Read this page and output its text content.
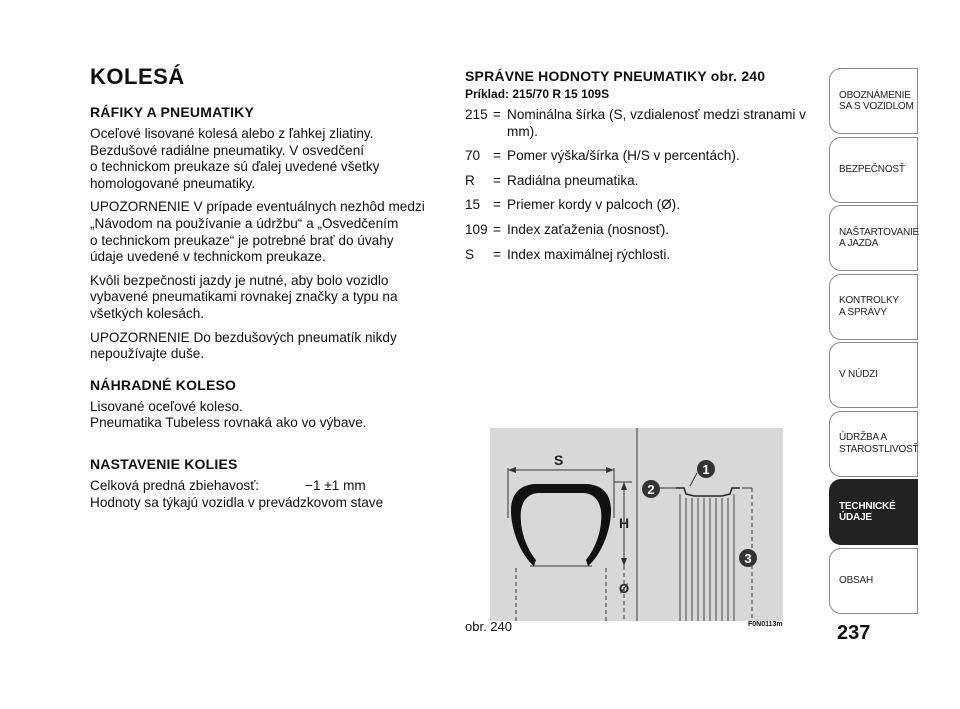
KOLESÁ
RÁFIKY A PNEUMATIKY

Oceľové lisované kolesá alebo z ľahkej zliatiny.
Bezdušové radiálne pneumatiky. V osvedčení
o technickom preukaze sú ďalej uvedené všetky
homologované pneumatiky.

UPOZORNENIE V prípade eventuálnych nezhôd medzi
„Návodom na používanie a údržbu“ a „Osvedčením
o technickom preukaze“ je potrebné brať do úvahy
údaje uvedené v technickom preukaze.

Kvôli bezpečnosti jazdy je nutné, aby bolo vozidlo
vybavené pneumatikami rovnakej značky a typu na
všetkých kolesách.

UPOZORNENIE Do bezdušových pneumatík nikdy
nepoužívajte duše.

NÁHRADNÉ KOLESO

Lisované oceľové koleso.
Pneumatika Tubeless rovnaká ako vo výbave.

NASTAVENIE KOLIES

Celková predná zbiehavosť:	−1 ±1 mm
Hodnoty sa týkajú vozidla v prevádzkovom stave

SPRÁVNE HODNOTY PNEUMATIKY obr. 240
Príklad: 215/70 R 15 109S
215 = Nominálna šírka (S, vzdialenosť medzi stranami v mm).
70 = Pomer výška/šírka (H/S v percentách).
R	= Radiálna pneumatika.
15 = Priemer kordy v palcoch (Ø).
109 = Index zaťaženia (nosnosť).
S	= Index maximálnej rýchlosti.
S
H
Ø
1
2
3
obr. 240	F0N0113m	237
OBOZNÁMENIE
SA S VOZIDLOM
BEZPEČNOSŤ
NAŠTARTOVANIE
A JAZDA
KONTROLKY
A SPRÁVY
V NÚDZI
ÚDRŽBA A
STAROSTLIVOSŤ
TECHNICKÉ
ÚDAJE
OBSAH
